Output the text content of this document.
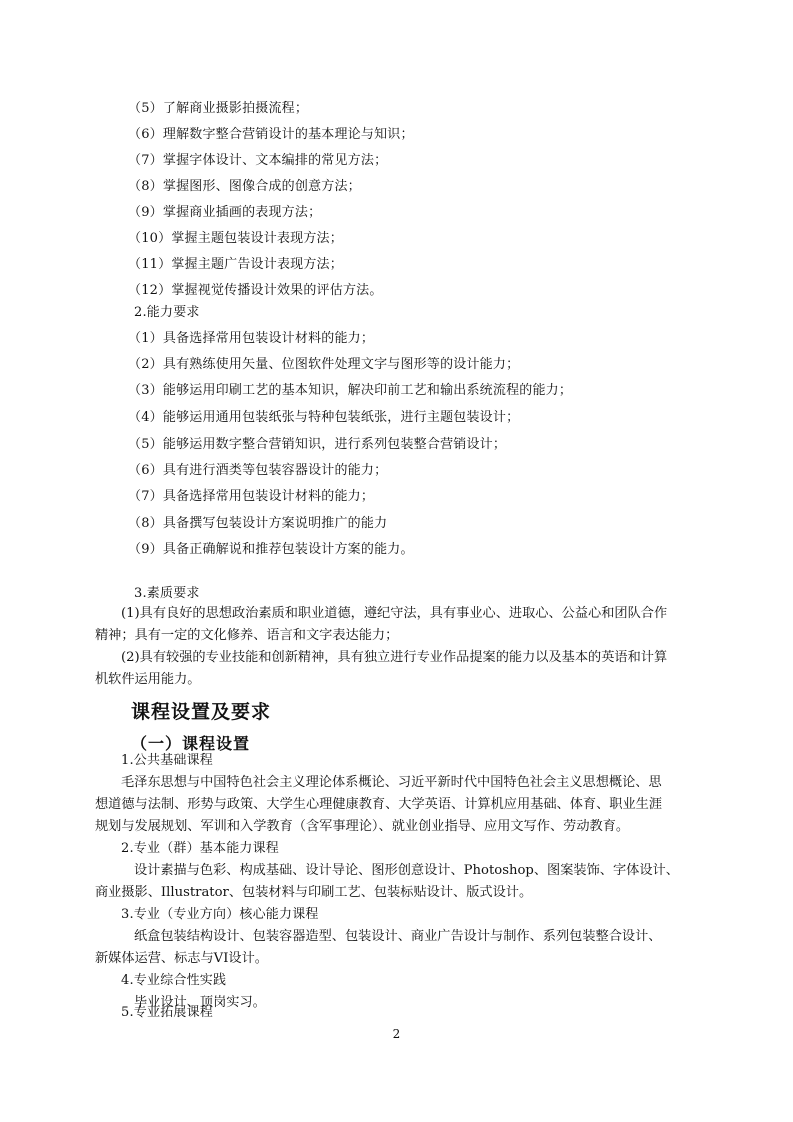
（5）了解商业摄影拍摄流程；
（6）理解数字整合营销设计的基本理论与知识；
（7）掌握字体设计、文本编排的常见方法；
（8）掌握图形、图像合成的创意方法；
（9）掌握商业插画的表现方法；
（10）掌握主题包装设计表现方法；
（11）掌握主题广告设计表现方法；
（12）掌握视觉传播设计效果的评估方法。
2.能力要求
（1）具备选择常用包装设计材料的能力；
（2）具有熟练使用矢量、位图软件处理文字与图形等的设计能力；
（3）能够运用印刷工艺的基本知识，解决印前工艺和输出系统流程的能力；
（4）能够运用通用包装纸张与特种包装纸张，进行主题包装设计；
（5）能够运用数字整合营销知识，进行系列包装整合营销设计；
（6）具有进行酒类等包装容器设计的能力；
（7）具备选择常用包装设计材料的能力；
（8）具备撰写包装设计方案说明推广的能力
（9）具备正确解说和推荐包装设计方案的能力。
3.素质要求
(1)具有良好的思想政治素质和职业道德，遵纪守法，具有事业心、进取心、公益心和团队合作
精神；具有一定的文化修养、语言和文字表达能力；
(2)具有较强的专业技能和创新精神，具有独立进行专业作品提案的能力以及基本的英语和计算
机软件运用能力。
课程设置及要求
（一）课程设置
1.公共基础课程
毛泽东思想与中国特色社会主义理论体系概论、习近平新时代中国特色社会主义思想概论、思
想道德与法制、形势与政策、大学生心理健康教育、大学英语、计算机应用基础、体育、职业生涯
规划与发展规划、军训和入学教育（含军事理论）、就业创业指导、应用文写作、劳动教育。
2.专业（群）基本能力课程
设计素描与色彩、构成基础、设计导论、图形创意设计、Photoshop、图案装饰、字体设计、
商业摄影、Illustrator、包装材料与印刷工艺、包装标贴设计、版式设计。
3.专业（专业方向）核心能力课程
纸盒包装结构设计、包装容器造型、包装设计、商业广告设计与制作、系列包装整合设计、
新媒体运营、标志与VI设计。
4.专业综合性实践
毕业设计、顶岗实习。
5.专业拓展课程
2
